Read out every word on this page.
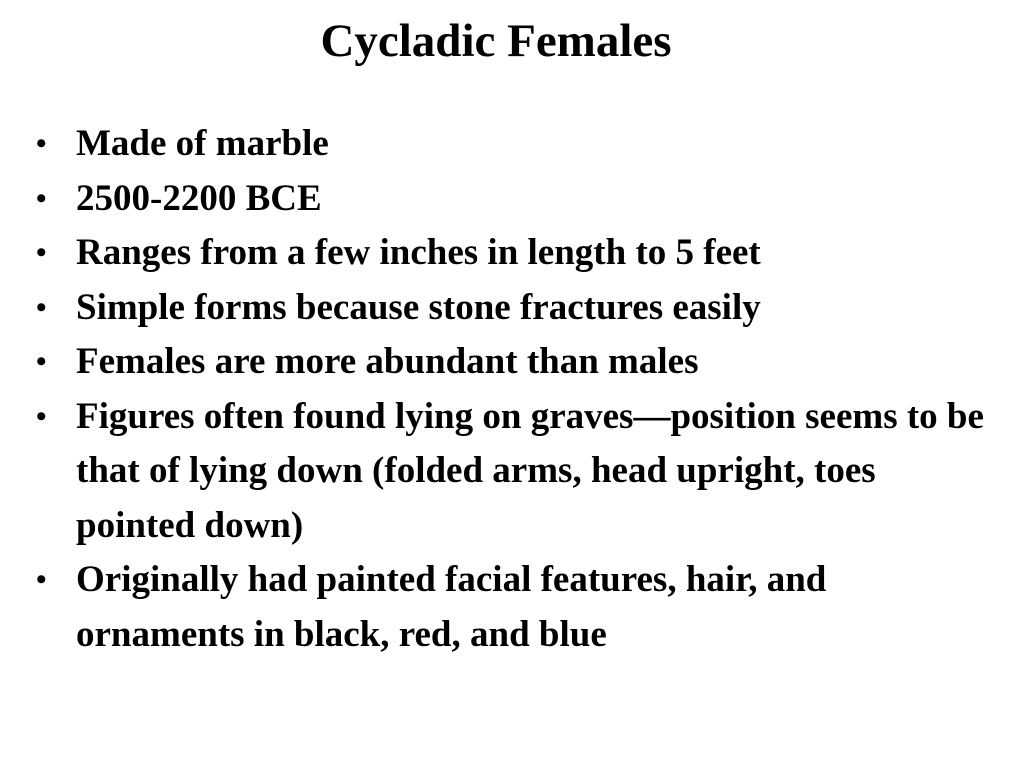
Cycladic Females
• Made of marble
• 2500-2200 BCE
• Ranges from a few inches in length to 5 feet
• Simple forms because stone fractures easily
• Females are more abundant than males
• Figures often found lying on graves—position seems to be that of lying down (folded arms, head upright, toes pointed down)
• Originally had painted facial features, hair, and ornaments in black, red, and blue
